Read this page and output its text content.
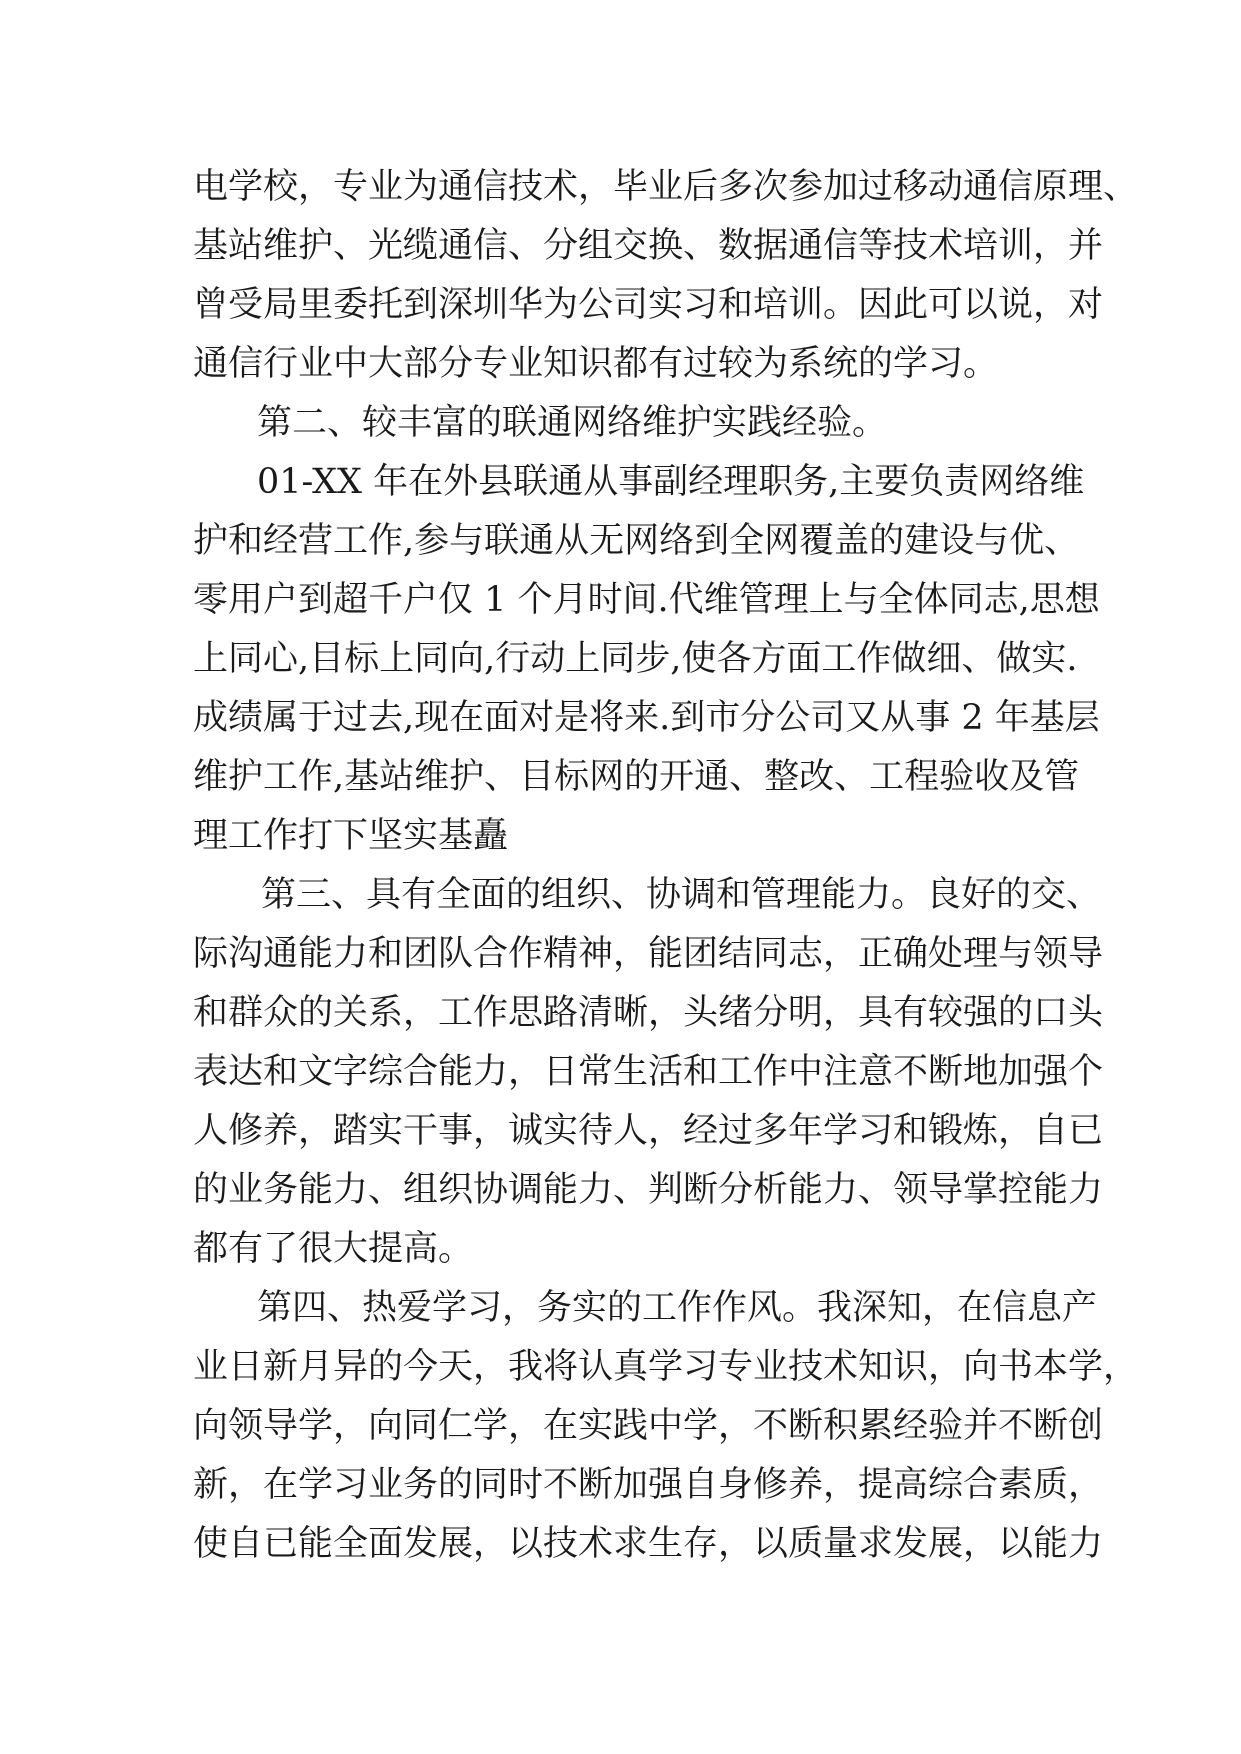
电学校，专业为通信技术，毕业后多次参加过移动通信原理、
基站维护、光缆通信、分组交换、数据通信等技术培训，并
曾受局里委托到深圳华为公司实习和培训。因此可以说，对
通信行业中大部分专业知识都有过较为系统的学习。
第二、较丰富的联通网络维护实践经验。
01-XX 年在外县联通从事副经理职务,主要负责网络维
护和经营工作,参与联通从无网络到全网覆盖的建设与优、
零用户到超千户仅 1 个月时间.代维管理上与全体同志,思想
上同心,目标上同向,行动上同步,使各方面工作做细、做实.
成绩属于过去,现在面对是将来.到市分公司又从事 2 年基层
维护工作,基站维护、目标网的开通、整改、工程验收及管
理工作打下坚实基矗
第三、具有全面的组织、协调和管理能力。良好的交、
际沟通能力和团队合作精神，能团结同志，正确处理与领导
和群众的关系，工作思路清晰，头绪分明，具有较强的口头
表达和文字综合能力，日常生活和工作中注意不断地加强个
人修养，踏实干事，诚实待人，经过多年学习和锻炼，自已
的业务能力、组织协调能力、判断分析能力、领导掌控能力
都有了很大提高。
第四、热爱学习，务实的工作作风。我深知，在信息产
业日新月异的今天，我将认真学习专业技术知识，向书本学，
向领导学，向同仁学，在实践中学，不断积累经验并不断创
新，在学习业务的同时不断加强自身修养，提高综合素质，
使自已能全面发展，以技术求生存，以质量求发展，以能力
